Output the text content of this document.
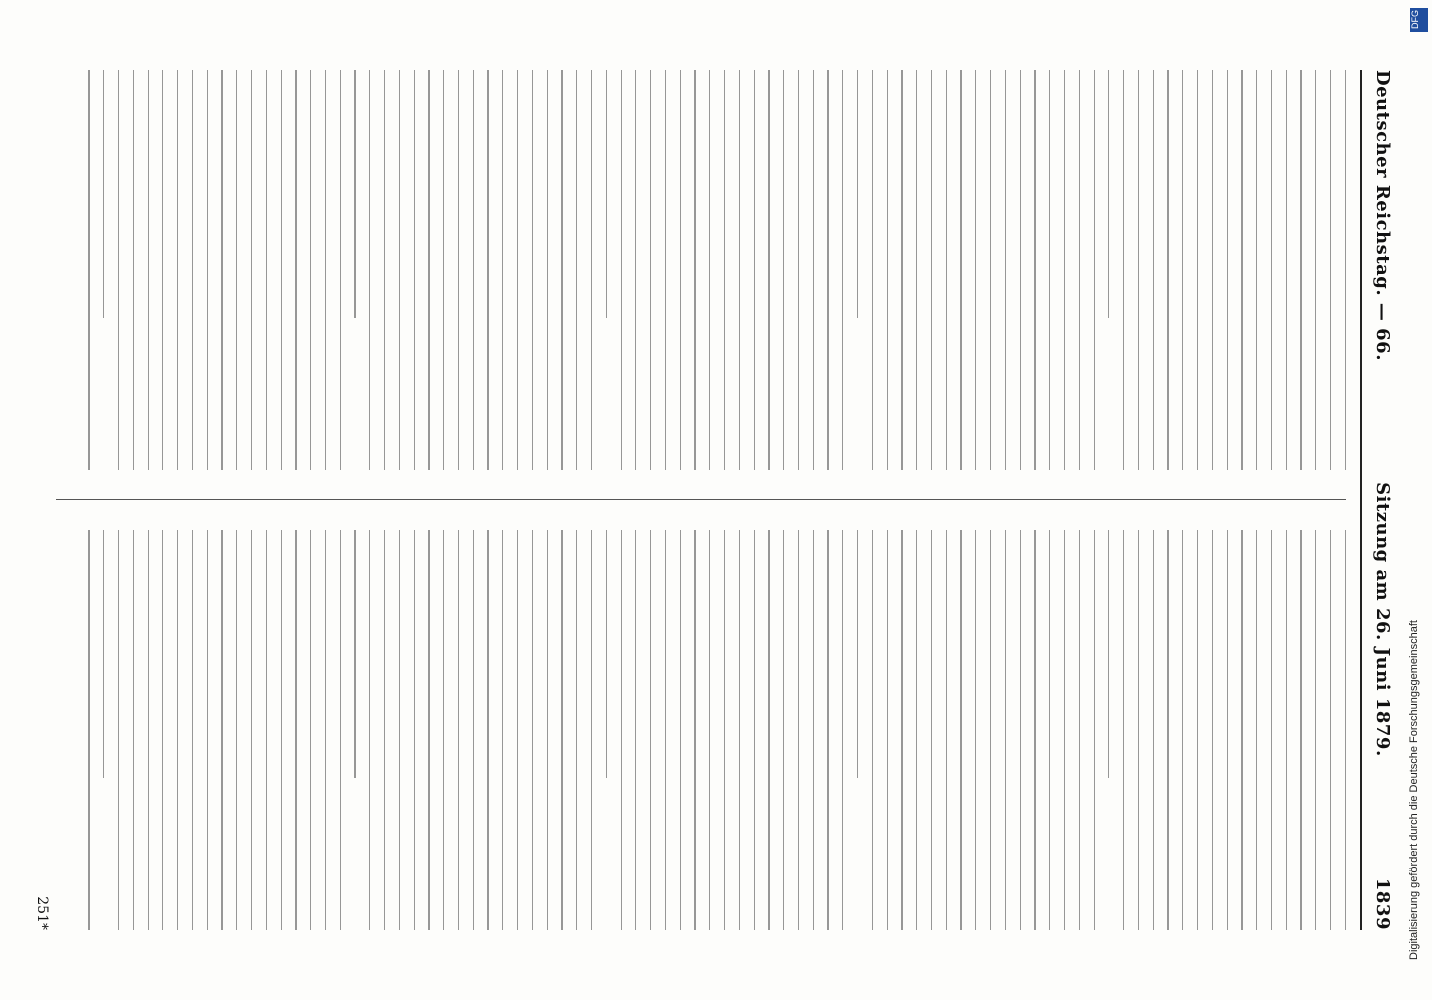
DFG
Digitalisierung gefördert durch die Deutsche Forschungsgemeinschaft
Deutscher Reichstag. — 66.
Sitzung am 26. Juni 1879.
1839
251*
